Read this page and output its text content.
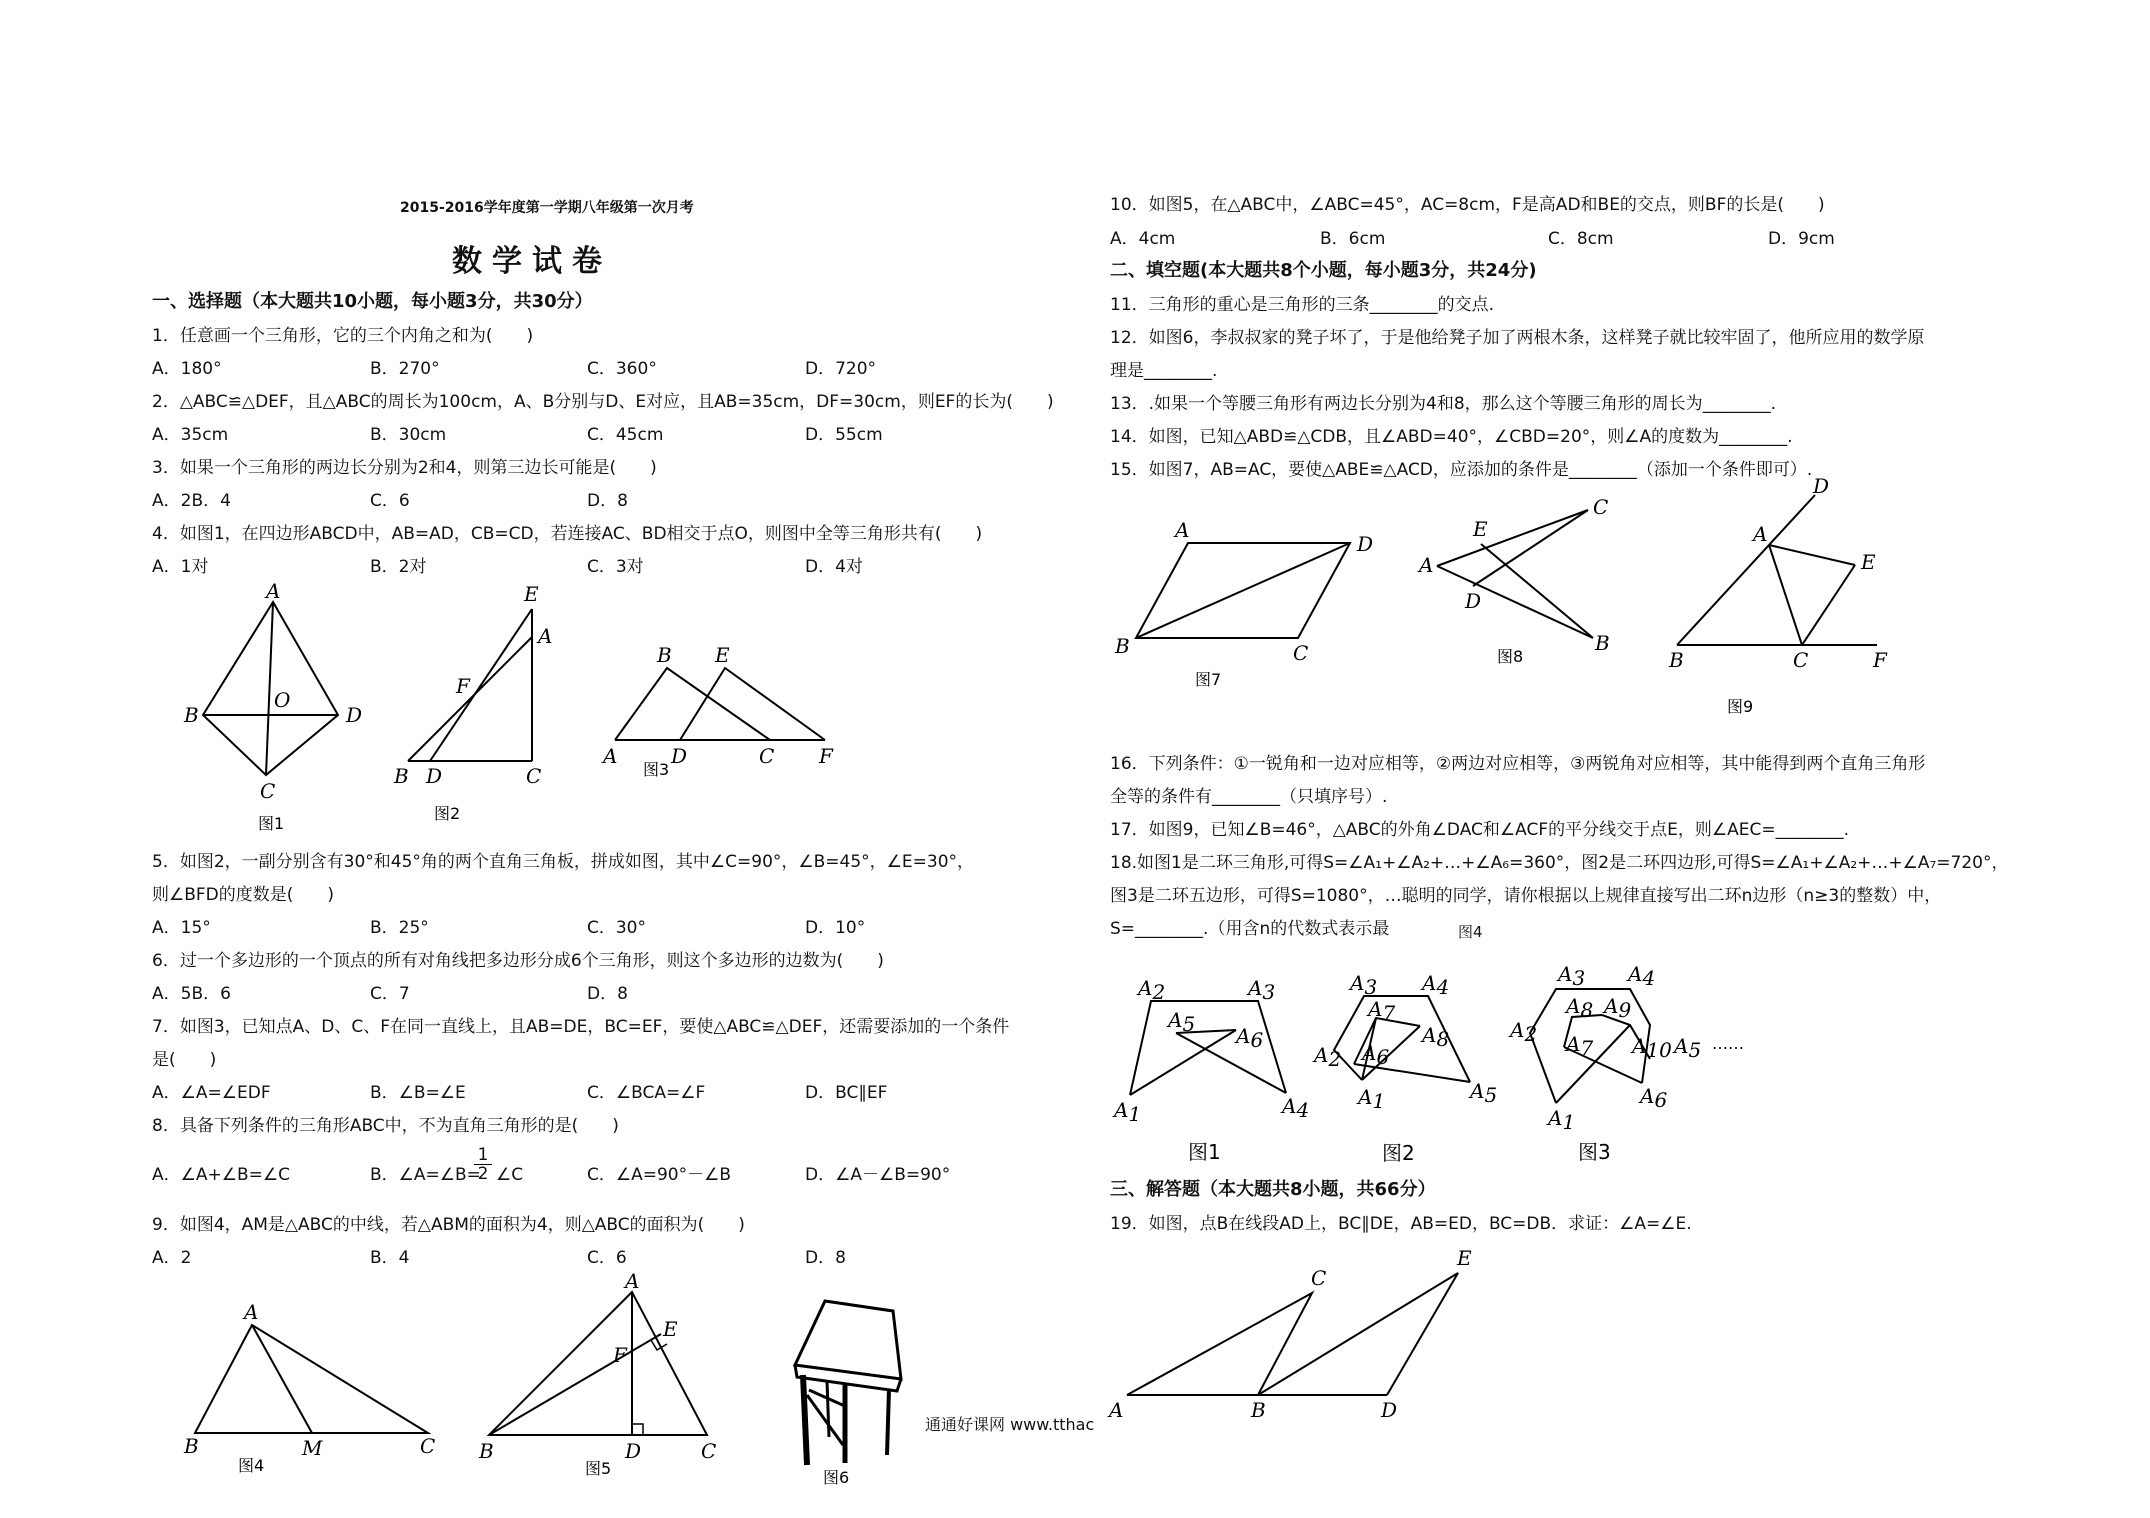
2015-2016学年度第一学期八年级第一次月考
数学试卷
一、选择题（本大题共10小题，每小题3分，共30分）
1．任意画一个三角形，它的三个内角之和为(　　)
A．180°	B．270°	C．360°	D．720°
2．△ABC≌△DEF，且△ABC的周长为100cm，A、B分别与D、E对应，且AB=35cm，DF=30cm，则EF的长为(　　)
A．35cm	B．30cm	C．45cm	D．55cm
3．如果一个三角形的两边长分别为2和4，则第三边长可能是(　　)
A．2B．4	C．6	D．8
4．如图1，在四边形ABCD中，AB=AD，CB=CD，若连接AC、BD相交于点O，则图中全等三角形共有(　　)
A．1对	B．2对	C．3对	D．4对
A
B
O
D
C
图1
E
A
F
B D	C
图2
B E
A	D	C F
图3
5．如图2，一副分别含有30°和45°角的两个直角三角板，拼成如图，其中∠C=90°，∠B=45°，∠E=30°，
则∠BFD的度数是(　　)
A．15°	B．25°	C．30°	D．10°
6．过一个多边形的一个顶点的所有对角线把多边形分成6个三角形，则这个多边形的边数为(　　)
A．5B．6	C．7	D．8
7．如图3，已知点A、D、C、F在同一直线上，且AB=DE，BC=EF，要使△ABC≌△DEF，还需要添加的一个条件
是(　　)
A．∠A=∠EDF	B．∠B=∠E	C．∠BCA=∠F	D．BC∥EF
8．具备下列条件的三角形ABC中，不为直角三角形的是(　　)
A．∠A+∠B=∠C	B．∠A=∠B=
$\frac{1}{2}$ ∠C	C．∠A=90°－∠B	D．∠A－∠B=90°
9．如图4，AM是△ABC的中线，若△ABM的面积为4，则△ABC的面积为(　　)
A．2	B．4	C．6	D．8
A
B	M	C
图4
A
F
E
B	D	C
图5	图6
通通好课网 www.tthac
10．如图5，在△ABC中，∠ABC=45°，AC=8cm，F是高AD和BE的交点，则BF的长是(　　)
A．4cm	B．6cm	C．8cm	D．9cm
二、填空题(本大题共8个小题，每小题3分，共24分)
11．三角形的重心是三角形的三条________的交点.
12．如图6，李叔叔家的凳子坏了，于是他给凳子加了两根木条，这样凳子就比较牢固了，他所应用的数学原
理是________.
13．.如果一个等腰三角形有两边长分别为4和8，那么这个等腰三角形的周长为________.
14．如图，已知△ABD≌△CDB，且∠ABD=40°，∠CBD=20°，则∠A的度数为________.
15．如图7，AB=AC，要使△ABE≌△ACD，应添加的条件是________（添加一个条件即可）.
A
D
B	C
图7
E
C
A
D
B
图8
D
A
E
B	C	F
图9
16．下列条件：①一锐角和一边对应相等，②两边对应相等，③两锐角对应相等，其中能得到两个直角三角形
全等的条件有________（只填序号）.
17．如图9，已知∠B=46°，△ABC的外角∠DAC和∠ACF的平分线交于点E，则∠AEC=________.
18.如图1是二环三角形,可得S=∠A₁+∠A₂+…+∠A₆=360°，图2是二环四边形,可得S=∠A₁+∠A₂+…+∠A₇=720°，
图3是二环五边形，可得S=1080°，…聪明的同学，请你根据以上规律直接写出二环n边形（n≥3的整数）中，
S=________.（用含n的代数式表示最	图4
A2	A3
A5 A6
A1	A4
图1
A3 A4
A7
A8
A6
A2
A5
A1
图2
A3 A4
A8 A9
A2 A7 A10 A5
A6
A1
……
图3
三、解答题（本大题共8小题，共66分）
19．如图，点B在线段AD上，BC∥DE，AB=ED，BC=DB．求证：∠A=∠E.
E
C
A	B	D
